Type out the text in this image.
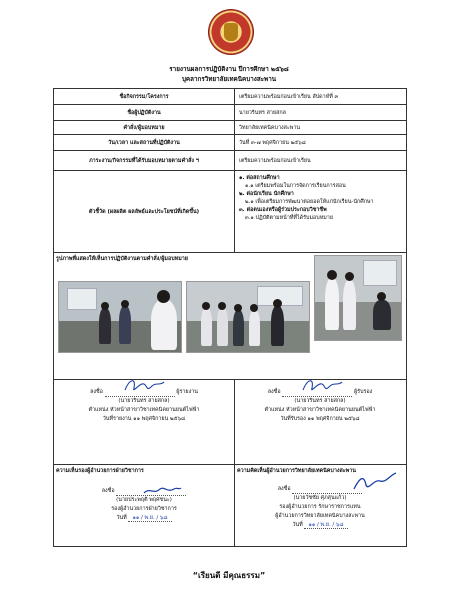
รายงานผลการปฏิบัติงาน ปีการศึกษา ๒๕๖๘
บุคลากรวิทยาลัยเทคนิคบางสะพาน
ชื่อกิจกรรม/โครงการ	เตรียมความพร้อมก่อนเข้าเรียน สัปดาห์ที่ ๓
ชื่อผู้ปฏิบัติงาน	นายวรินทร สายสกล
คำสั่ง/ผู้มอบหมาย	วิทยาลัยเทคนิคบางสะพาน
วัน/เวลา และสถานที่ปฏิบัติงาน	วันที่ ๓-๗ พฤศจิกายน ๒๕๖๘
ภาระงาน/กิจกรรมที่ได้รับมอบหมายตามคำสั่ง ฯ	เตรียมความพร้อมก่อนเข้าเรียน
ตัวชี้วัด (ผลผลิต ผลลัพธ์และประโยชน์ที่เกิดขึ้น)
๑. ต่อสถานศึกษา
๑.๑ เตรียมพร้อมในการจัดการเรียนการสอน
๒. ต่อนักเรียน นักศึกษา
๒.๑ เพื่อเตรียมการพัฒนาต่อยอดให้แก่นักเรียน-นักศึกษา
๓. ต่อตนเองหรือผู้ร่วมประกอบวิชาชีพ
๓.๑ ปฏิบัติตามหน้าที่ที่ได้รับมอบหมาย
รูปภาพที่แสดงให้เห็นการปฏิบัติงานตามคำสั่ง/ผู้มอบหมาย
ลงชื่อ	ผู้รายงาน
(นายวรินทร สายสกล)
ตำแหน่ง หัวหน้าสาขาวิชาเทคนิคยานยนต์ไฟฟ้า
วันที่รายงาน ๑๑ พฤศจิกายน ๒๕๖๘
ลงชื่อ	ผู้รับรอง
(นายวรินทร สายสกล)
ตำแหน่ง หัวหน้าสาขาวิชาเทคนิคยานยนต์ไฟฟ้า
วันที่รับรอง ๑๑ พฤศจิกายน ๒๕๖๘
ความเห็นรองผู้อำนวยการฝ่ายวิชาการ
ลงชื่อ
(นายประพฤติ พฤศชนะ)
รองผู้อำนวยการฝ่ายวิชาการ
วันที่ ๑๑ / พ.ย. / ๖๘
ความคิดเห็นผู้อำนวยการวิทยาลัยเทคนิคบางสะพาน
ลงชื่อ
(นายวัชชัย ศุภสุนแก้ว)
รองผู้อำนวยการ รักษาราชการแทน
ผู้อำนวยการวิทยาลัยเทคนิคบางสะพาน
วันที่ ๑๑ / พ.ย. / ๖๘
“เรียนดี มีคุณธรรม”
